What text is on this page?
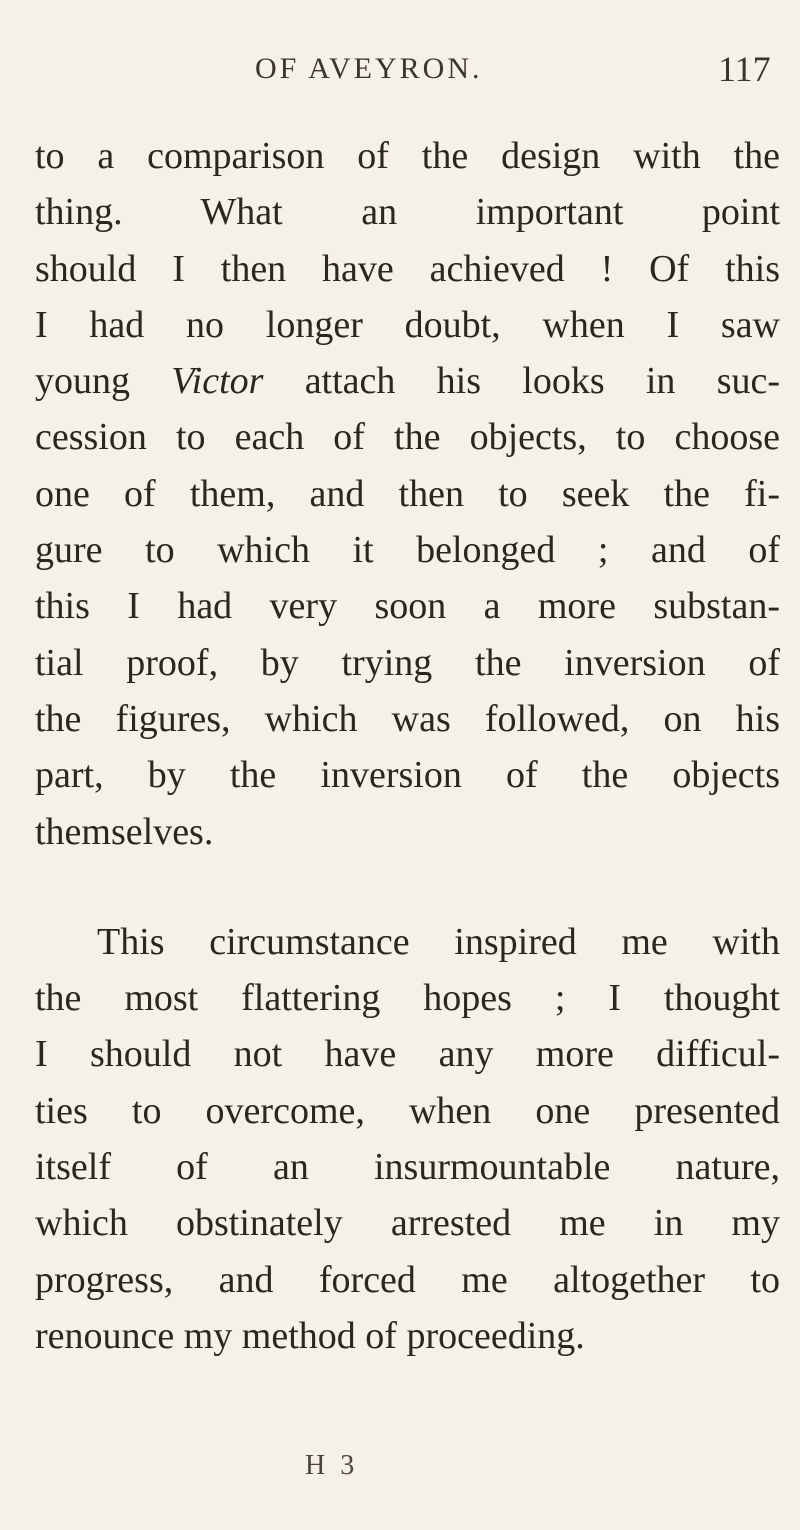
OF AVEYRON.	117
to a comparison of the design with the
thing. What an important point
should I then have achieved ! Of this
I had no longer doubt, when I saw
young Victor attach his looks in suc-
cession to each of the objects, to choose
one of them, and then to seek the fi-
gure to which it belonged ; and of
this I had very soon a more substan-
tial proof, by trying the inversion of
the figures, which was followed, on his
part, by the inversion of the objects
themselves.
This circumstance inspired me with
the most flattering hopes ; I thought
I should not have any more difficul-
ties to overcome, when one presented
itself of an insurmountable nature,
which obstinately arrested me in my
progress, and forced me altogether to
renounce my method of proceeding.
H 3
